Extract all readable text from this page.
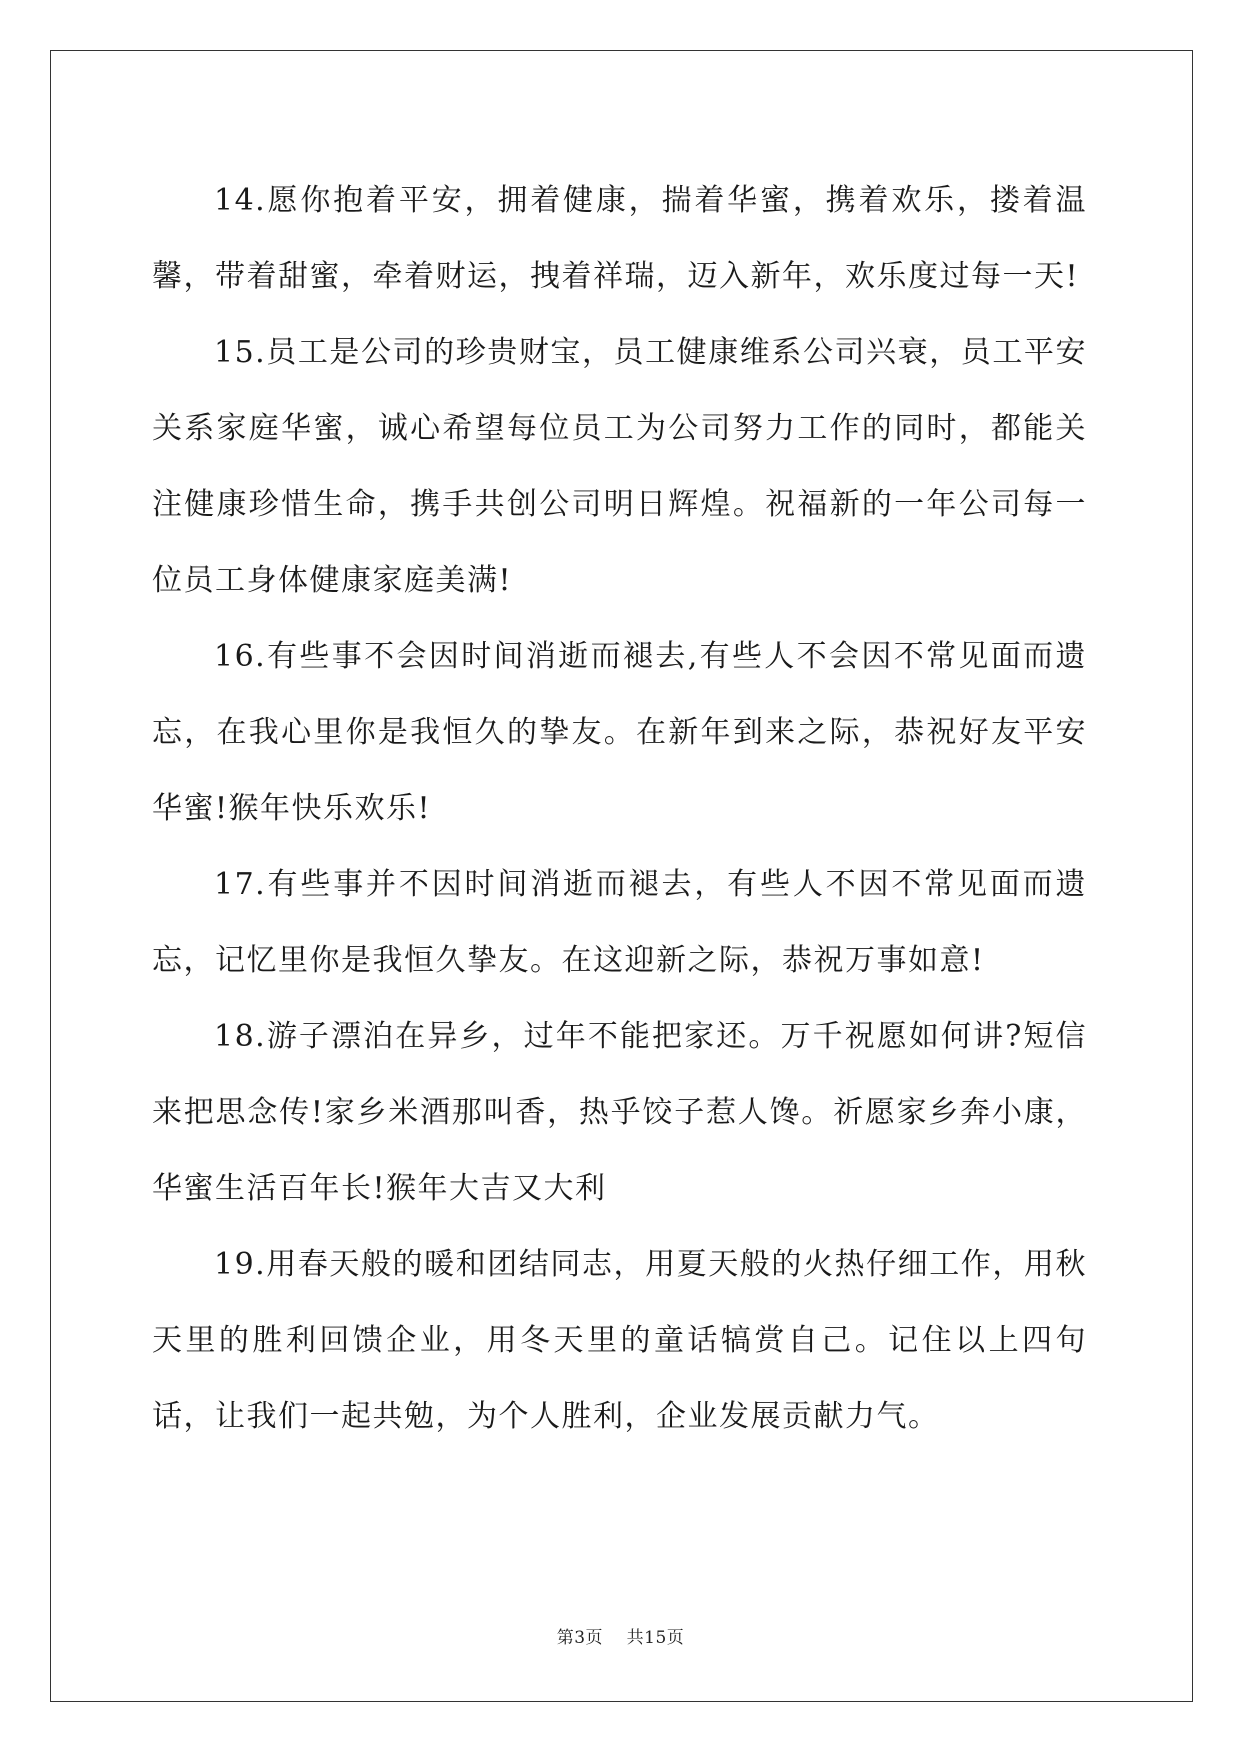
14.愿你抱着平安，拥着健康，揣着华蜜，携着欢乐，搂着温馨，带着甜蜜，牵着财运，拽着祥瑞，迈入新年，欢乐度过每一天!

15.员工是公司的珍贵财宝，员工健康维系公司兴衰，员工平安关系家庭华蜜，诚心希望每位员工为公司努力工作的同时，都能关注健康珍惜生命，携手共创公司明日辉煌。祝福新的一年公司每一位员工身体健康家庭美满!

16.有些事不会因时间消逝而褪去,有些人不会因不常见面而遗忘，在我心里你是我恒久的挚友。在新年到来之际，恭祝好友平安华蜜!猴年快乐欢乐!

17.有些事并不因时间消逝而褪去，有些人不因不常见面而遗忘，记忆里你是我恒久挚友。在这迎新之际，恭祝万事如意!

18.游子漂泊在异乡，过年不能把家还。万千祝愿如何讲?短信来把思念传!家乡米酒那叫香，热乎饺子惹人馋。祈愿家乡奔小康，华蜜生活百年长!猴年大吉又大利

19.用春天般的暖和团结同志，用夏天般的火热仔细工作，用秋天里的胜利回馈企业，用冬天里的童话犒赏自己。记住以上四句话，让我们一起共勉，为个人胜利，企业发展贡献力气。

第3页 共15页
